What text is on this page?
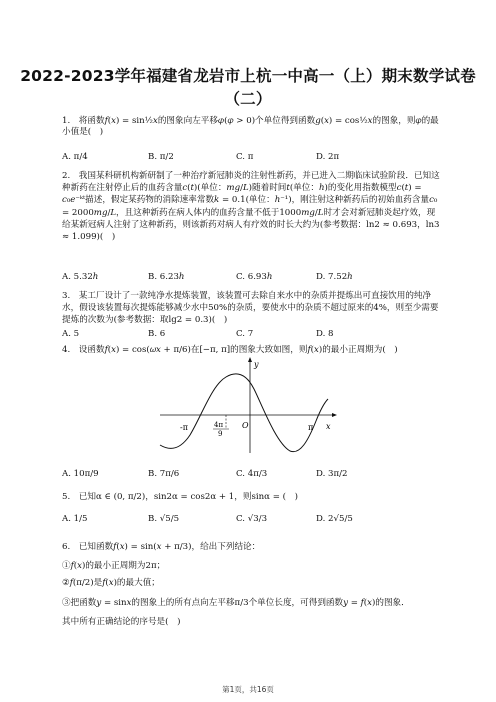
2022-2023学年福建省龙岩市上杭一中高一（上）期末数学试卷
（二）
1. 将函数𝑓(𝑥) = sin½𝑥的图象向左平移𝜑(𝜑 > 0)个单位得到函数𝑔(𝑥) = cos½𝑥的图象，则𝜑的最小值是( )
A. π/4	B. π/2	C. π	D. 2π
2. 我国某科研机构新研制了一种治疗新冠肺炎的注射性新药，并已进入二期临床试验阶段．已知这种新药在注射停止后的血药含量𝑐(𝑡)(单位：𝑚𝑔/𝐿)随着时间𝑡(单位：ℎ)的变化用指数模型𝑐(𝑡) = 𝑐₀𝑒⁻ᵏᵗ描述，假定某药物的消除速率常数𝑘 = 0.1(单位：ℎ⁻¹)，刚注射这种新药后的初始血药含量𝑐₀ = 2000𝑚𝑔/𝐿，且这种新药在病人体内的血药含量不低于1000𝑚𝑔/𝐿时才会对新冠肺炎起疗效，现给某新冠病人注射了这种新药，则该新药对病人有疗效的时长大约为(参考数据：ln2 ≈ 0.693，ln3 ≈ 1.099)( )
A. 5.32ℎ	B. 6.23ℎ	C. 6.93ℎ	D. 7.52ℎ
3. 某工厂设计了一款纯净水提炼装置，该装置可去除自来水中的杂质并提炼出可直接饮用的纯净水，假设该装置每次提炼能够减少水中50%的杂质，要使水中的杂质不超过原来的4%，则至少需要提炼的次数为(参考数据：取lg2 = 0.3)( )
A. 5	B. 6	C. 7	D. 8
4. 设函数𝑓(𝑥) = cos(𝜔𝑥 + π/6)在[−π, π]的图象大致如图，则𝑓(𝑥)的最小正周期为( )
-π	π
O
y
x
4π
9
A. 10π/9	B. 7π/6	C. 4π/3	D. 3π/2
5. 已知α ∈ (0, π/2)，sin2α = cos2α + 1，则sinα = ( )
A. 1/5	B. √5/5	C. √3/3	D. 2√5/5
6. 已知函数𝑓(𝑥) = sin(𝑥 + π/3)，给出下列结论：
①𝑓(𝑥)的最小正周期为2π；
②𝑓(π/2)是𝑓(𝑥)的最大值；
③把函数𝑦 = sin𝑥的图象上的所有点向左平移π/3个单位长度，可得到函数𝑦 = 𝑓(𝑥)的图象．
其中所有正确结论的序号是( )
第1页，共16页
